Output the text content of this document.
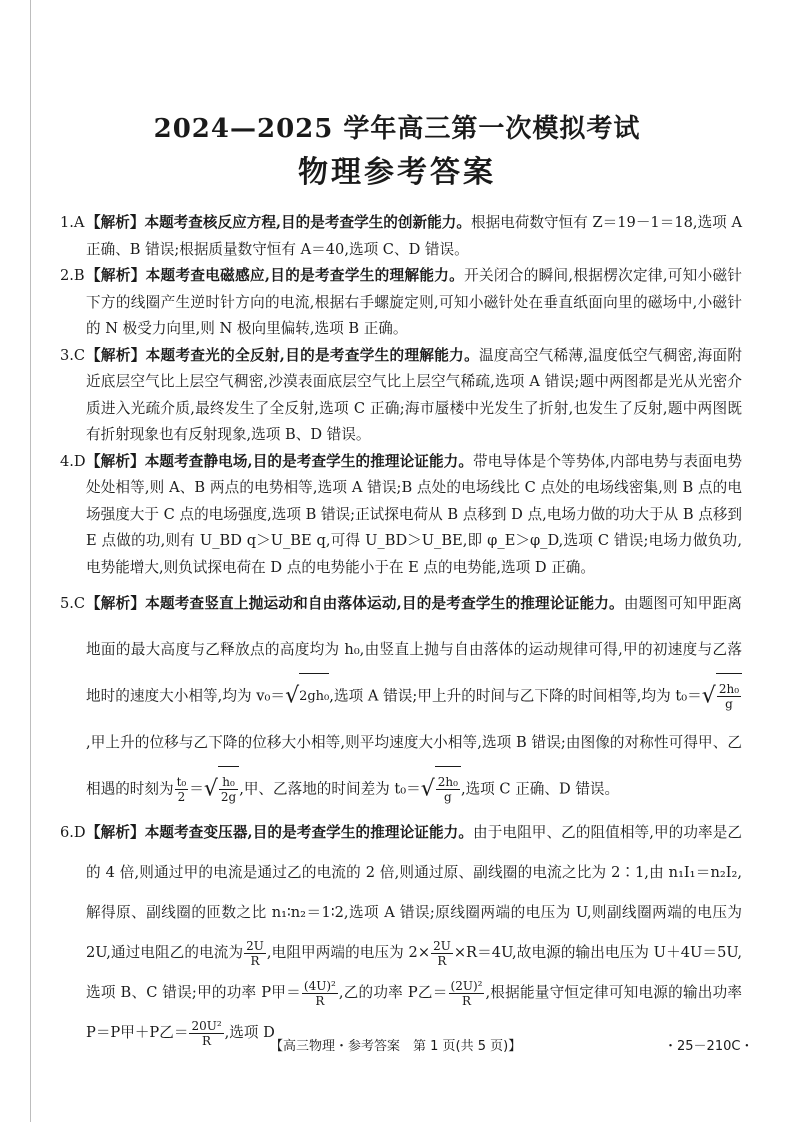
2024—2025 学年高三第一次模拟考试
物理参考答案
1.A 【解析】本题考查核反应方程,目的是考查学生的创新能力。根据电荷数守恒有 Z＝19－1＝18,选项 A 正确、B 错误;根据质量数守恒有 A＝40,选项 C、D 错误。
2.B 【解析】本题考查电磁感应,目的是考查学生的理解能力。开关闭合的瞬间,根据楞次定律,可知小磁针下方的线圈产生逆时针方向的电流,根据右手螺旋定则,可知小磁针处在垂直纸面向里的磁场中,小磁针的 N 极受力向里,则 N 极向里偏转,选项 B 正确。
3.C 【解析】本题考查光的全反射,目的是考查学生的理解能力。温度高空气稀薄,温度低空气稠密,海面附近底层空气比上层空气稠密,沙漠表面底层空气比上层空气稀疏,选项 A 错误;题中两图都是光从光密介质进入光疏介质,最终发生了全反射,选项 C 正确;海市蜃楼中光发生了折射,也发生了反射,题中两图既有折射现象也有反射现象,选项 B、D 错误。
4.D 【解析】本题考查静电场,目的是考查学生的推理论证能力。带电导体是个等势体,内部电势与表面电势处处相等,则 A、B 两点的电势相等,选项 A 错误;B 点处的电场线比 C 点处的电场线密集,则 B 点的电场强度大于 C 点的电场强度,选项 B 错误;正试探电荷从 B 点移到 D 点,电场力做的功大于从 B 点移到 E 点做的功,则有 U_BD q＞U_BE q,可得 U_BD＞U_BE,即 φ_E＞φ_D,选项 C 错误;电场力做负功,电势能增大,则负试探电荷在 D 点的电势能小于在 E 点的电势能,选项 D 正确。
5.C 【解析】本题考查竖直上抛运动和自由落体运动,目的是考查学生的推理论证能力。由题图可知甲距离地面的最大高度与乙释放点的高度均为 h₀,由竖直上抛与自由落体的运动规律可得,甲的初速度与乙落地时的速度大小相等,均为 v₀＝√2gh₀,选项 A 错误;甲上升的时间与乙下降的时间相等,均为 $t_0=√ \frac{\text{2h₀}}{g}$
,甲上升的位移与乙下降的位移大小相等,则平均速度大小相等,选项 B 错误;由图像的对称性可得甲、乙相遇的时刻为 $\frac{\text{t₀}}{2}$ ＝√ $\frac{\text{h₀}}{2g}$ ,甲、乙落地的时间差为 $t_0=√ \frac{\text{2h₀}}{g}$ ,选项 C 正确、D 错误。
6.D 【解析】本题考查变压器,目的是考查学生的推理论证能力。由于电阻甲、乙的阻值相等,甲的功率是乙的 4 倍,则通过甲的电流是通过乙的电流的 2 倍,则通过原、副线圈的电流之比为 2∶1,由 n₁I₁＝n₂I₂,解得原、副线圈的匝数之比 n₁∶n₂＝1∶2,选项 A 错误;原线圈两端的电压为 U,则副线圈两端的电压为 2U,通过电阻乙的电流为 $\frac{2U}{R}$ ,电阻甲两端的电压为 $2\times \frac{2U}{R} \times R=4U$,故电源的输出电压为 U＋4U＝5U,选项 B、C 错误;甲的功率 P甲＝ $\frac{\text{(4U)²}}{R}$ ,乙的功率 P乙＝ $\frac{\text{(2U)²}}{R}$ ,根据能量守恒定律可知电源的输出功率 P＝P甲＋P乙＝ $\frac{\text{20U²}}{R}$ ,选项 D
【高三物理・参考答案　第 1 页(共 5 页)】	・25－210C・
